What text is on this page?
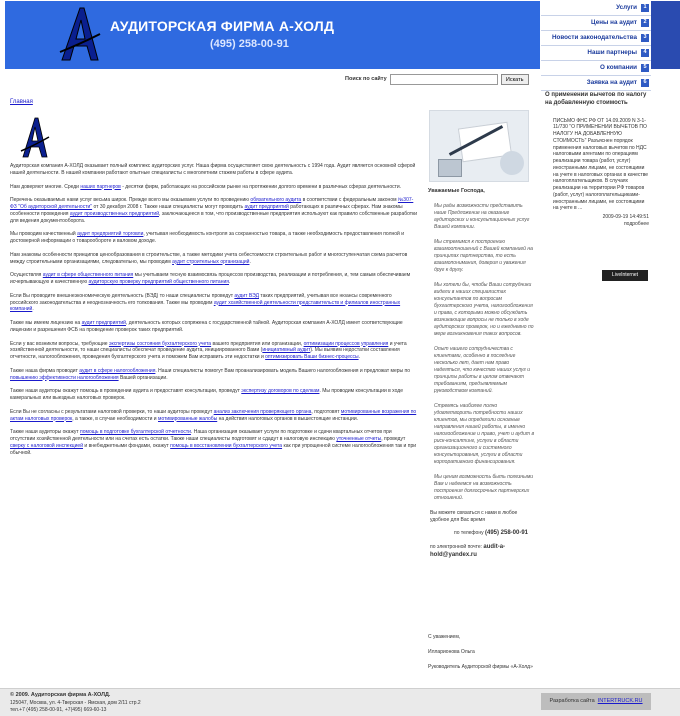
АУДИТОРСКАЯ ФИРМА А-ХОЛД
(495) 258-00-91
Услуги	1
Цены на аудит	2
Новости законодательства	3
Наши партнеры	4
О компании	5
Заявка на аудит	6
Поиск по сайту	Искать
Главная

Аудиторская компания А-ХОЛД оказывает полный комплекс аудиторских услуг. Наша фирма осуществляет свою деятельность с 1994 года. Аудит является основной сферой нашей деятельности. В нашей компании работают опытные специалисты с многолетним стажем работы в сфере аудита.

Нам доверяют многие. Среди наших партнеров - десятки фирм, работающих на российском рынке на протяжении долгого времени в различных сферах деятельности.

Перечень оказываемых нами услуг весьма широк. Прежде всего мы оказываем услуги по проведению обязательного аудита в соответствии с федеральным законом №307-ФЗ "Об аудиторской деятельности" от 30 декабря 2008 г. Также наши специалисты могут проводить аудит предприятий работающих в различных сферах. Нам знакомы особенности проведения аудит производственных предприятий, заключающееся в том, что производственные предприятия используют как правило собственные разработки для ведения документооборота.

Мы проводим качественный аудит предприятий торговли, учитывая необходимость контроля за сохранностью товара, а также необходимость предоставления полной и достоверной информации о товарообороте и валовом доходе.

Нам знакомы особенности принципов ценообразования в строительстве, а также методики учета себестоимости строительных работ и многоступенчатая схема расчетов между строительными организациями, следовательно, мы проводим аудит строительных организаций.

Осуществляя аудит в сфере общественного питания мы учитываем тесную взаимосвязь процессов производства, реализации и потребления, и, тем самым обеспечиваем исчерпывающую и качественную аудиторскую проверку предприятий общественного питания.

Если Вы проводите внешнеэкономическую деятельность (ВЭД) то наши специалисты проведут аудит ВЭД таких предприятий, учитывая все нюансы современного российского законодательства и неоднозначность его толкования. Также мы проводим аудит хозяйственной деятельности представительств и филиалов иностранных компаний.

Также мы имеем лицензию на аудит предприятий, деятельность которых сопряжена с государственной тайной. Аудиторская компания А-ХОЛД имеет соответствующие лицензии и разрешения ФСБ на проведение проверок таких предприятий.

Если у вас возникли вопросы, требующие экспертизы состояния бухгалтерского учета вашего предприятия или организации, оптимизации процессов управления и учета хозяйственной деятельности, то наши специалисты обеспечат проведение аудита, инициированного Вами (инициативный аудит). Мы выявим недостатки составления отчетности, налогообложения, проведения бухгалтерского учета и поможем Вам исправить эти недостатки и оптимизировать Ваши бизнес-процессы.

Также наша фирма проводит аудит в сфере налогообложения. Наши специалисты помогут Вам проанализировать модель Вашего налогообложения и предложат меры по повышению эффективности налогообложения Вашей организации.

Также наши аудиторы окажут помощь в проведении аудита и предоставят консультации, проведут экспертизу договоров по сделкам. Мы проводим консультации в ходе камеральных или выездных налоговых проверок.

Если Вы не согласны с результатами налоговой проверки, то наши аудиторы проведут анализ заключения проверяющего органа, подготовят мотивированные возражения по актам налоговых проверок, а также, в случае необходимости и мотивированные жалобы на действия налоговых органов в вышестоящие инстанции.

Также наши аудиторы окажут помощь в подготовке бухгалтерской отчетности. Наша организация оказывает услуги по подготовке и сдачи квартальных отчетов при отсутствии хозяйственной деятельности или на счетах есть остатки. Также наши специалисты подготовят и сдадут в налоговую инспекцию уточненные отчеты, проведут сверку с налоговой инспекцией и внебюджетными фондами, окажут помощь в восстановлении бухгалтерского учета как при упрощенной системе налогообложения так и при обычной.

Уважаемые Господа,

Мы рады возможности представить наше Предложение на оказание аудиторских и консультационных услуг Вашей компании.

Мы стремимся к построению взаимоотношений с Вашей компанией на принципах партнерства, то есть взаимопонимания, доверия и уважения друг к другу.

Мы хотели бы, чтобы Ваши сотрудники видели в наших специалистах консультантов по вопросам бухгалтерского учета, налогообложения и права, с которыми можно обсуждать возникающие вопросы не только в ходе аудиторских проверок, но и ежедневно по мере возникновения таких вопросов.

Опыт нашего сотрудничества с клиентами, особенно в последние несколько лет, дает нам право надеяться, что качество наших услуг и принципы работы в целом отвечают требованиям, предъявляемым руководством компаний.

Стремясь наиболее полно удовлетворить потребности наших клиентов, мы определили основные направления нашей работы, в именно налогообложение и право, учет и аудит в риск-консалтинг, услуги в области организационного и системного консультирования, услуги в области корпоративного финансирования.

Мы ценим возможность быть полезными Вам и надеемся на возможность построения долгосрочных партнерских отношений.

Вы можете связаться с нами в любое удобное для Вас время

по телефону (495) 258-00-91

по электронной почте: audit-a-hold@yandex.ru

С уважением,

Илларионова Ольга

Руководитель Аудиторской фирмы «А-Холд»

О применении вычетов по налогу на добавленную стоимость
ПИСЬМО ФНС РФ ОТ 14.09.2009 N 3-1-11/730 "О ПРИМЕНЕНИИ ВЫЧЕТОВ ПО НАЛОГУ НА ДОБАВЛЕННУЮ СТОИМОСТЬ" Разъяснен порядок применения налоговых вычетов по НДС налоговыми агентами по операциям реализации товара (работ, услуг) иностранными лицами, не состоящими на учете в налоговых органах в качестве налогоплательщиков. В случаях реализации на территории РФ товаров (работ, услуг) налогоплательщиками-иностранными лицами, не состоящими на учете в ...
2009-09-19 14:49:51
подробнее
LiveInternet
© 2009. Аудиторская фирма А-ХОЛД.
125047, Москва, ул. 4-Тверская - Ямская, дом 2/11 стр.2
тел.+7 (495) 258-00-91, +7(495) 669-60-13
Разработка сайта INTERTRUCK.RU
